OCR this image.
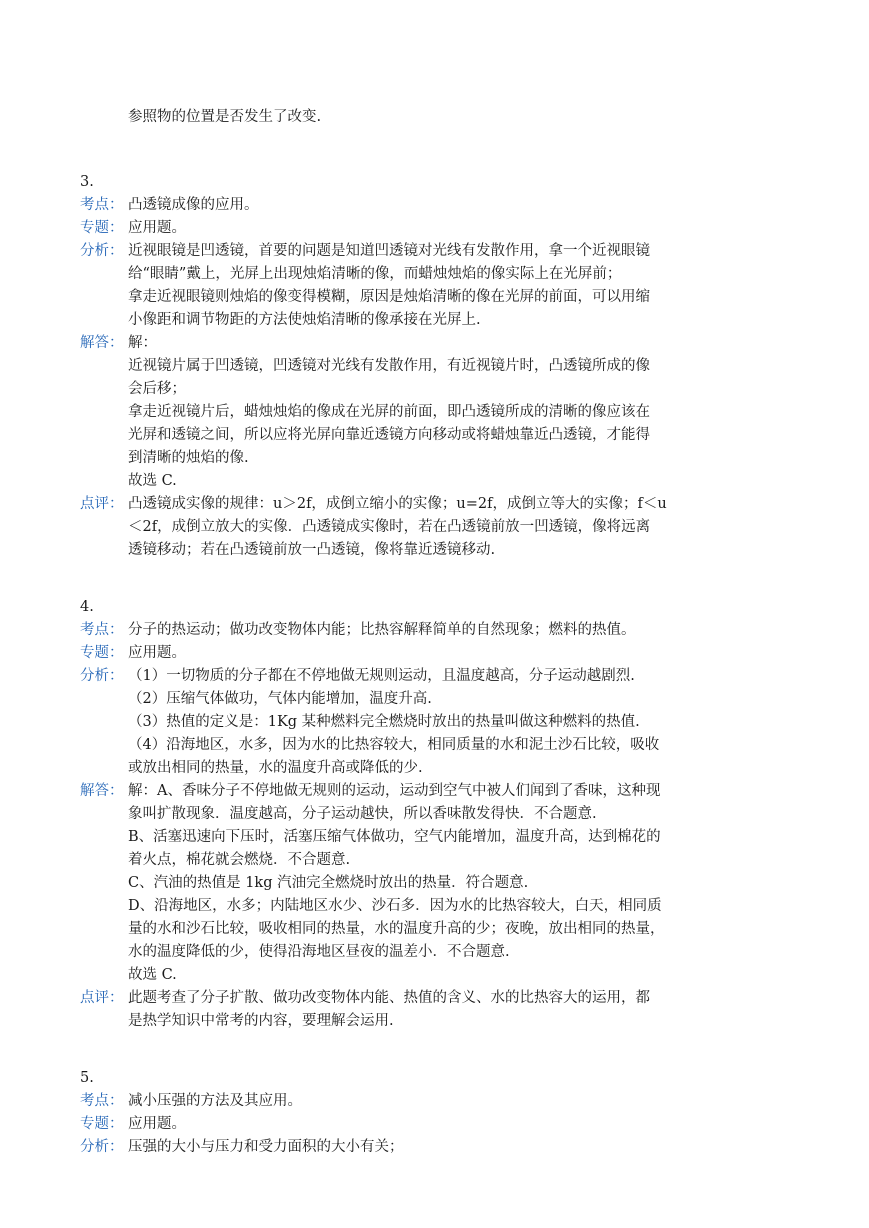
参照物的位置是否发生了改变.
3.
考点： 凸透镜成像的应用。
专题： 应用题。
分析： 近视眼镜是凹透镜，首要的问题是知道凹透镜对光线有发散作用，拿一个近视眼镜
给“眼睛”戴上，光屏上出现烛焰清晰的像，而蜡烛烛焰的像实际上在光屏前；
拿走近视眼镜则烛焰的像变得模糊，原因是烛焰清晰的像在光屏的前面，可以用缩
小像距和调节物距的方法使烛焰清晰的像承接在光屏上.
解答： 解：
近视镜片属于凹透镜，凹透镜对光线有发散作用，有近视镜片时，凸透镜所成的像
会后移；
拿走近视镜片后，蜡烛烛焰的像成在光屏的前面，即凸透镜所成的清晰的像应该在
光屏和透镜之间，所以应将光屏向靠近透镜方向移动或将蜡烛靠近凸透镜，才能得
到清晰的烛焰的像.
故选 C.
点评： 凸透镜成实像的规律：u＞2f，成倒立缩小的实像；u=2f，成倒立等大的实像；f＜u
＜2f，成倒立放大的实像．凸透镜成实像时，若在凸透镜前放一凹透镜，像将远离
透镜移动；若在凸透镜前放一凸透镜，像将靠近透镜移动.
4.
考点： 分子的热运动；做功改变物体内能；比热容解释简单的自然现象；燃料的热值。
专题： 应用题。
分析： （1）一切物质的分子都在不停地做无规则运动，且温度越高，分子运动越剧烈.
（2）压缩气体做功，气体内能增加，温度升高.
（3）热值的定义是：1Kg 某种燃料完全燃烧时放出的热量叫做这种燃料的热值.
（4）沿海地区，水多，因为水的比热容较大，相同质量的水和泥土沙石比较，吸收
或放出相同的热量，水的温度升高或降低的少.
解答： 解：A、香味分子不停地做无规则的运动，运动到空气中被人们闻到了香味，这种现
象叫扩散现象．温度越高，分子运动越快，所以香味散发得快．不合题意.
B、活塞迅速向下压时，活塞压缩气体做功，空气内能增加，温度升高，达到棉花的
着火点，棉花就会燃烧．不合题意.
C、汽油的热值是 1kg 汽油完全燃烧时放出的热量．符合题意.
D、沿海地区，水多；内陆地区水少、沙石多．因为水的比热容较大，白天，相同质
量的水和沙石比较，吸收相同的热量，水的温度升高的少；夜晚，放出相同的热量，
水的温度降低的少，使得沿海地区昼夜的温差小．不合题意.
故选 C.
点评： 此题考查了分子扩散、做功改变物体内能、热值的含义、水的比热容大的运用，都
是热学知识中常考的内容，要理解会运用.
5.
考点： 减小压强的方法及其应用。
专题： 应用题。
分析： 压强的大小与压力和受力面积的大小有关；
